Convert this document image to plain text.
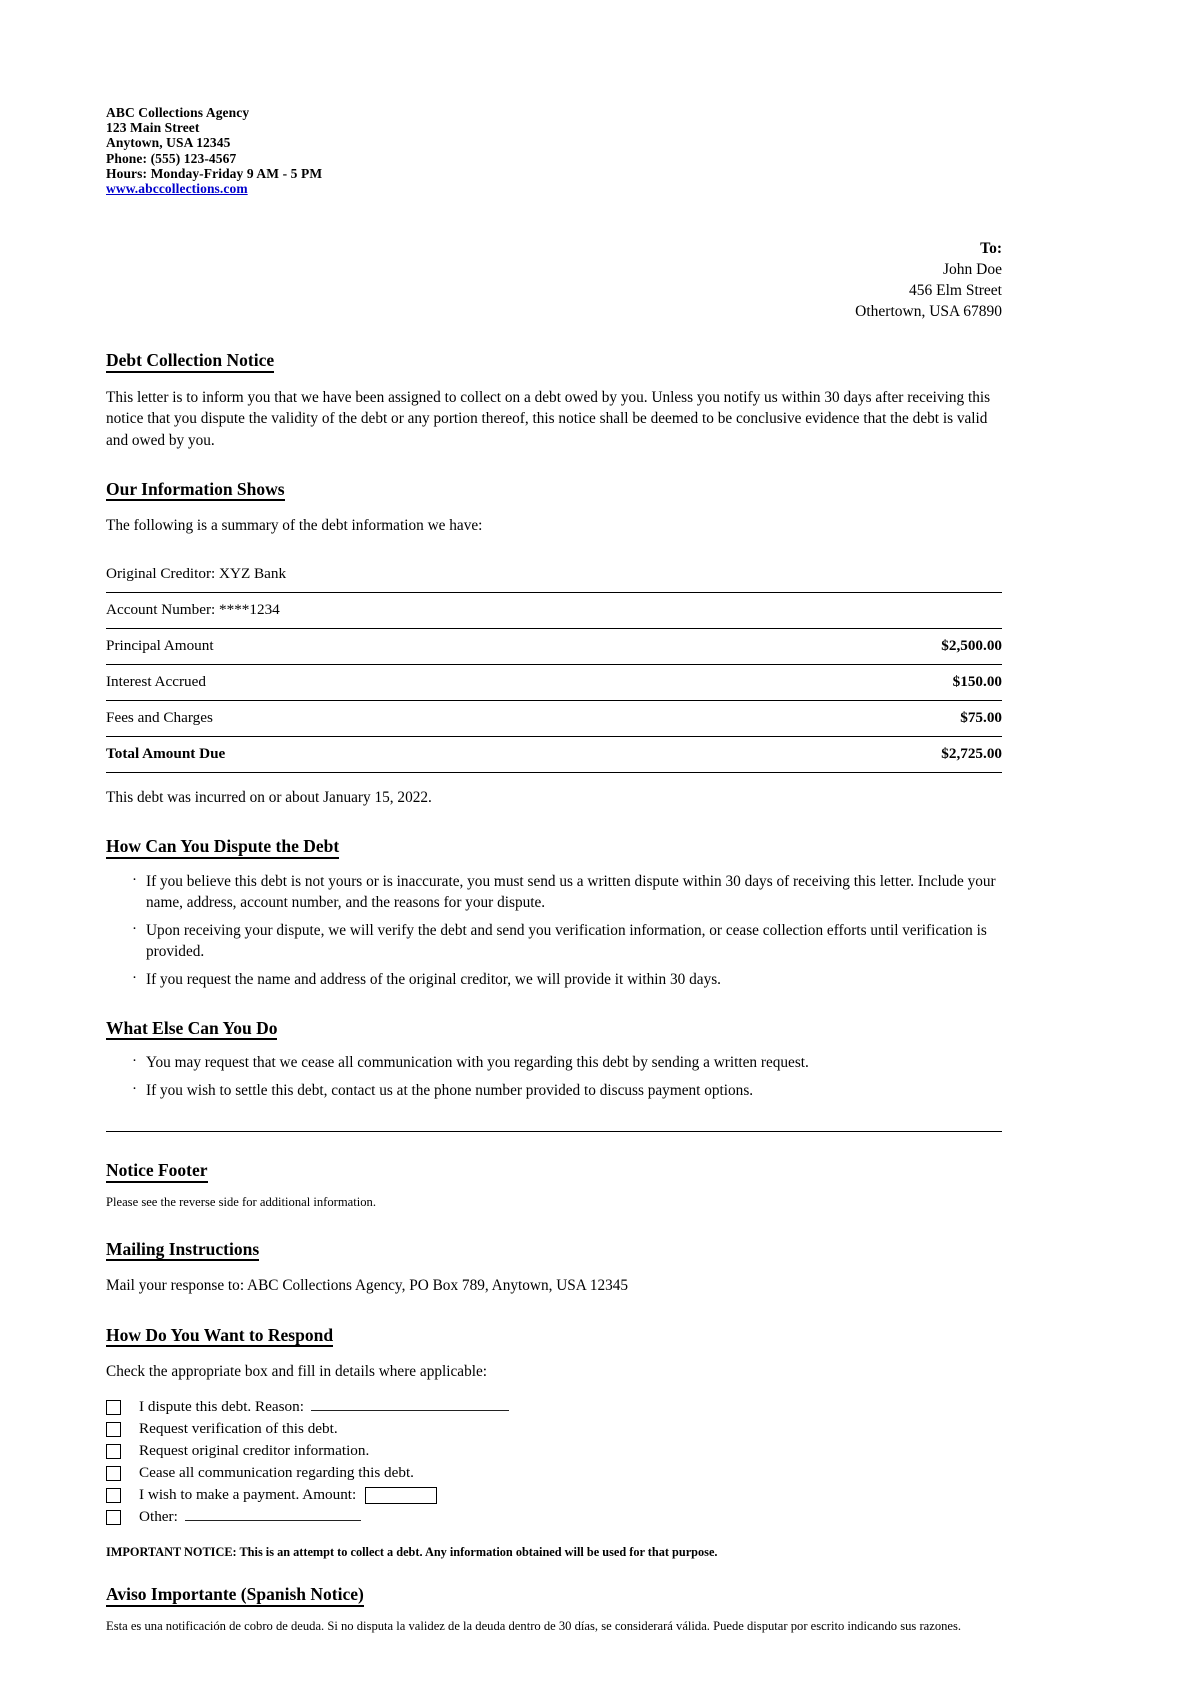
ABC Collections Agency
123 Main Street
Anytown, USA 12345
Phone: (555) 123-4567
Hours: Monday-Friday 9 AM - 5 PM
www.abccollections.com
To:
John Doe
456 Elm Street
Othertown, USA 67890
Debt Collection Notice

This letter is to inform you that we have been assigned to collect on a debt owed by you. Unless you notify us within 30 days after receiving this notice that you dispute the validity of the debt or any portion thereof, this notice shall be deemed to be conclusive evidence that the debt is valid and owed by you.

Our Information Shows

The following is a summary of the debt information we have:

Original Creditor: XYZ Bank	
Account Number: ****1234	
Principal Amount	$2,500.00
Interest Accrued	$150.00
Fees and Charges	$75.00
Total Amount Due	$2,725.00

This debt was incurred on or about January 15, 2022.

How Can You Dispute the Debt
· If you believe this debt is not yours or is inaccurate, you must send us a written dispute within 30 days of receiving this letter. Include your name, address, account number, and the reasons for your dispute.
· Upon receiving your dispute, we will verify the debt and send you verification information, or cease collection efforts until verification is provided.
· If you request the name and address of the original creditor, we will provide it within 30 days.
What Else Can You Do
· You may request that we cease all communication with you regarding this debt by sending a written request.
· If you wish to settle this debt, contact us at the phone number provided to discuss payment options.
Notice Footer

Please see the reverse side for additional information.

Mailing Instructions

Mail your response to: ABC Collections Agency, PO Box 789, Anytown, USA 12345

How Do You Want to Respond

Check the appropriate box and fill in details where applicable:

I dispute this debt. Reason:
Request verification of this debt.
Request original creditor information.
Cease all communication regarding this debt.
I wish to make a payment. Amount:
Other:

IMPORTANT NOTICE: This is an attempt to collect a debt. Any information obtained will be used for that purpose.

Aviso Importante (Spanish Notice)

Esta es una notificación de cobro de deuda. Si no disputa la validez de la deuda dentro de 30 días, se considerará válida. Puede disputar por escrito indicando sus razones.
